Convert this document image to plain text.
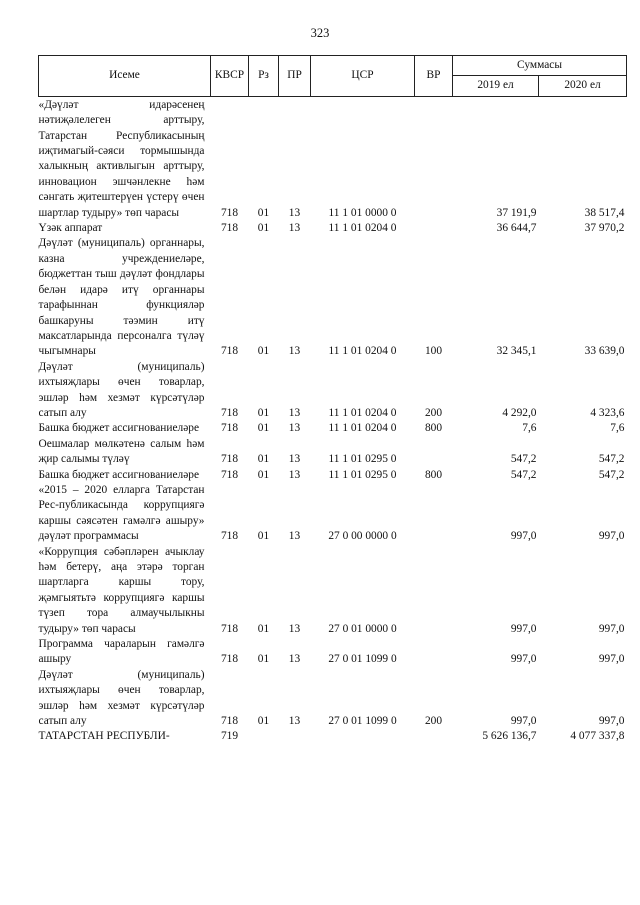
323
Исеме	КВСР	Рз	ПР	ЦСР	ВР	Суммасы	
						2019 ел	2020 ел
«Дәүләт идарәсенең нәтиҗәлелеген арттыру, Татарстан Республикасының иҗтимагый-сәяси тормышында халыкның активлыгын арттыру, инновацион эшчәнлекне һәм сәнгать җитештерүен үстерү өчен шартлар тудыру» төп чарасы	718	01	13	11 1 01 0000 0		37 191,9	38 517,4
Үзәк аппарат	718	01	13	11 1 01 0204 0		36 644,7	37 970,2
Дәүләт (муниципаль) органнары, казна учреждениеләре, бюджеттан тыш дәүләт фондлары белән идарә итү органнары тарафыннан функцияләр башкаруны тәэмин итү максатларында персоналга түләү чыгымнары	718	01	13	11 1 01 0204 0	100	32 345,1	33 639,0
Дәүләт (муниципаль) ихтыяҗлары өчен товарлар, эшләр һәм хезмәт күрсәтүләр сатып алу	718	01	13	11 1 01 0204 0	200	4 292,0	4 323,6
Башка бюджет ассигнованиеләре	718	01	13	11 1 01 0204 0	800	7,6	7,6
Оешмалар мөлкәтенә салым һәм җир салымы түләү	718	01	13	11 1 01 0295 0		547,2	547,2
Башка бюджет ассигнованиеләре	718	01	13	11 1 01 0295 0	800	547,2	547,2
«2015 – 2020 елларга Татарстан Рес-публикасында коррупциягә каршы сәясәтен гамәлгә ашыру» дәүләт программасы	718	01	13	27 0 00 0000 0		997,0	997,0
«Коррупция сәбәпләрен ачыклау һәм бетерү, аңа этәрә торган шартларга каршы тору, җәмгыятьтә коррупциягә каршы түзеп тора алмаучылыкны тудыру» төп чарасы	718	01	13	27 0 01 0000 0		997,0	997,0
Программа чараларын гамәлгә ашыру	718	01	13	27 0 01 1099 0		997,0	997,0
Дәүләт (муниципаль) ихтыяҗлары өчен товарлар, эшләр һәм хезмәт күрсәтүләр сатып алу	718	01	13	27 0 01 1099 0	200	997,0	997,0
ТАТАРСТАН РЕСПУБЛИ-	719					5 626 136,7	4 077 337,8
